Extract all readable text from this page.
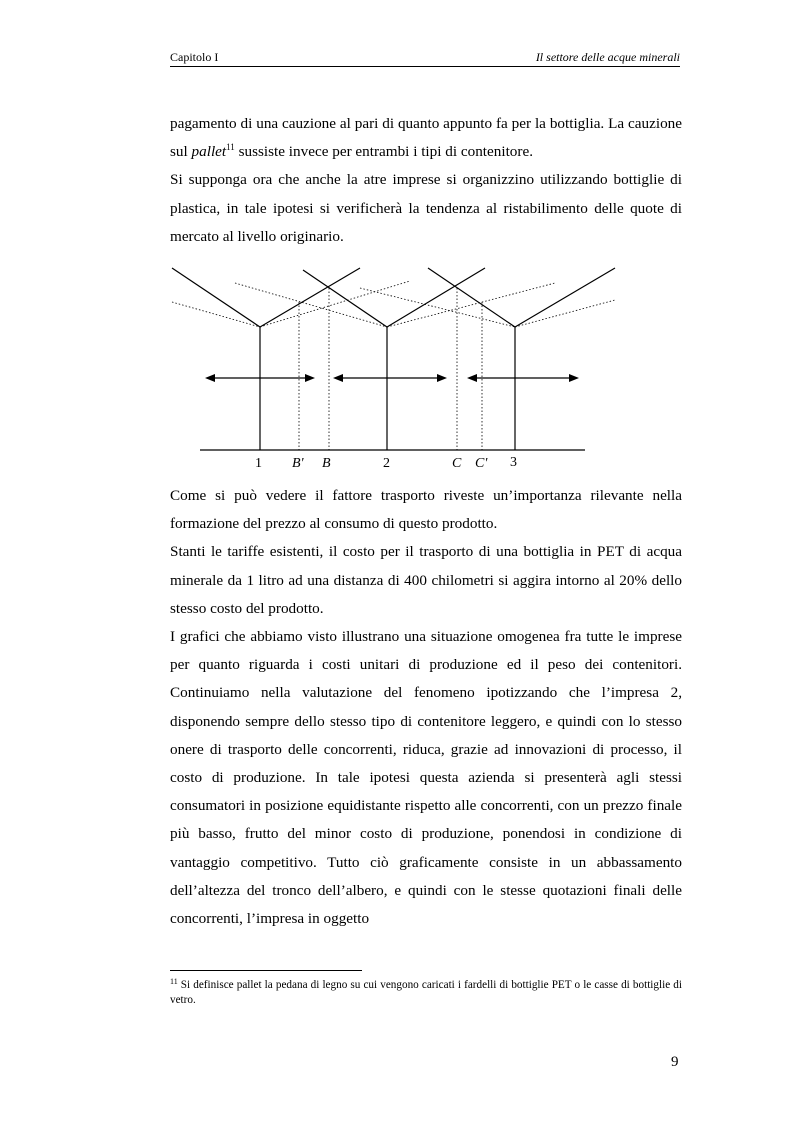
Capitolo I	Il settore delle acque minerali

pagamento di una cauzione al pari di quanto appunto fa per la bottiglia. La cauzione sul pallet$^{11}$ sussiste invece per entrambi i tipi di contenitore.

Si supponga ora che anche la atre imprese si organizzino utilizzando bottiglie di plastica, in tale ipotesi si verificherà la tendenza al ristabilimento delle quote di mercato al livello originario.

1 B' B	2	C C' 3

Come si può vedere il fattore trasporto riveste un’importanza rilevante nella formazione del prezzo al consumo di questo prodotto.

Stanti le tariffe esistenti, il costo per il trasporto di una bottiglia in PET di acqua minerale da 1 litro ad una distanza di 400 chilometri si aggira intorno al 20% dello stesso costo del prodotto.

I grafici che abbiamo visto illustrano una situazione omogenea fra tutte le imprese per quanto riguarda i costi unitari di produzione ed il peso dei contenitori. Continuiamo nella valutazione del fenomeno ipotizzando che l’impresa 2, disponendo sempre dello stesso tipo di contenitore leggero, e quindi con lo stesso onere di trasporto delle concorrenti, riduca, grazie ad innovazioni di processo, il costo di produzione. In tale ipotesi questa azienda si presenterà agli stessi consumatori in posizione equidistante rispetto alle concorrenti, con un prezzo finale più basso, frutto del minor costo di produzione, ponendosi in condizione di vantaggio competitivo. Tutto ciò graficamente consiste in un abbassamento dell’altezza del tronco dell’albero, e quindi con le stesse quotazioni finali delle concorrenti, l’impresa in oggetto

$^{11}$ Si definisce pallet la pedana di legno su cui vengono caricati i fardelli di bottiglie PET o le casse di bottiglie di vetro.
9
